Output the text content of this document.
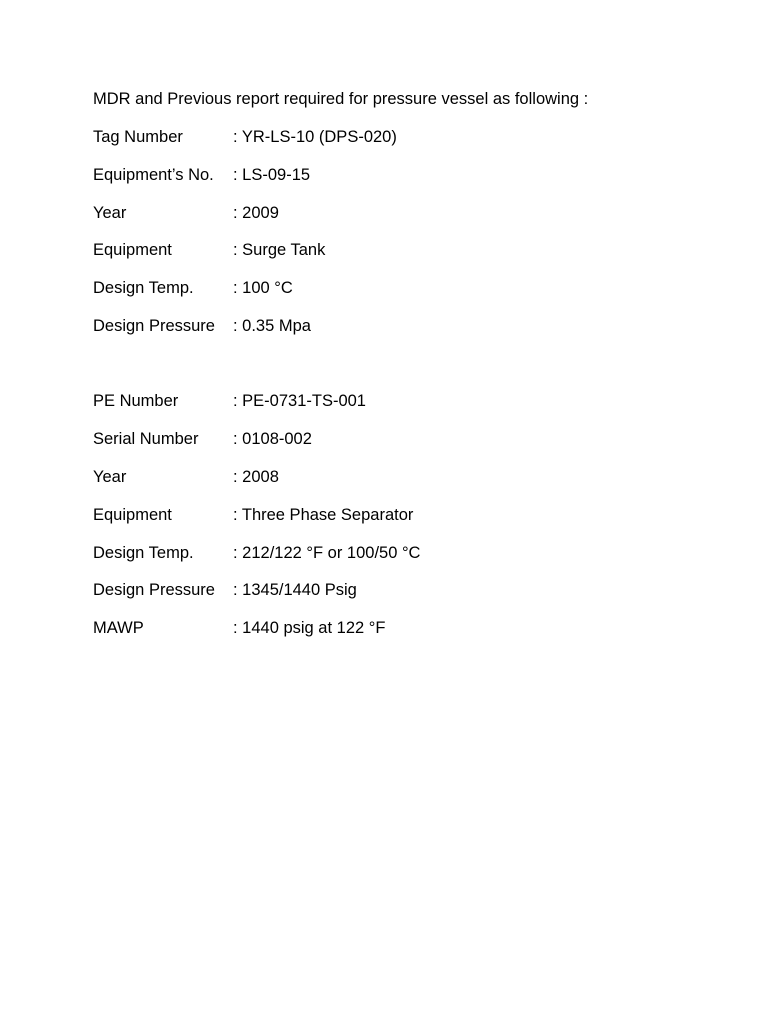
MDR and Previous report required for pressure vessel as following :
Tag Number	: YR-LS-10 (DPS-020)
Equipment’s No.	: LS-09-15
Year	: 2009
Equipment	: Surge Tank
Design Temp.	: 100 °C
Design Pressure	: 0.35 Mpa
PE Number	: PE-0731-TS-001
Serial Number	: 0108-002
Year	: 2008
Equipment	: Three Phase Separator
Design Temp.	: 212/122 °F or 100/50 °C
Design Pressure	: 1345/1440 Psig
MAWP	: 1440 psig at 122 °F
